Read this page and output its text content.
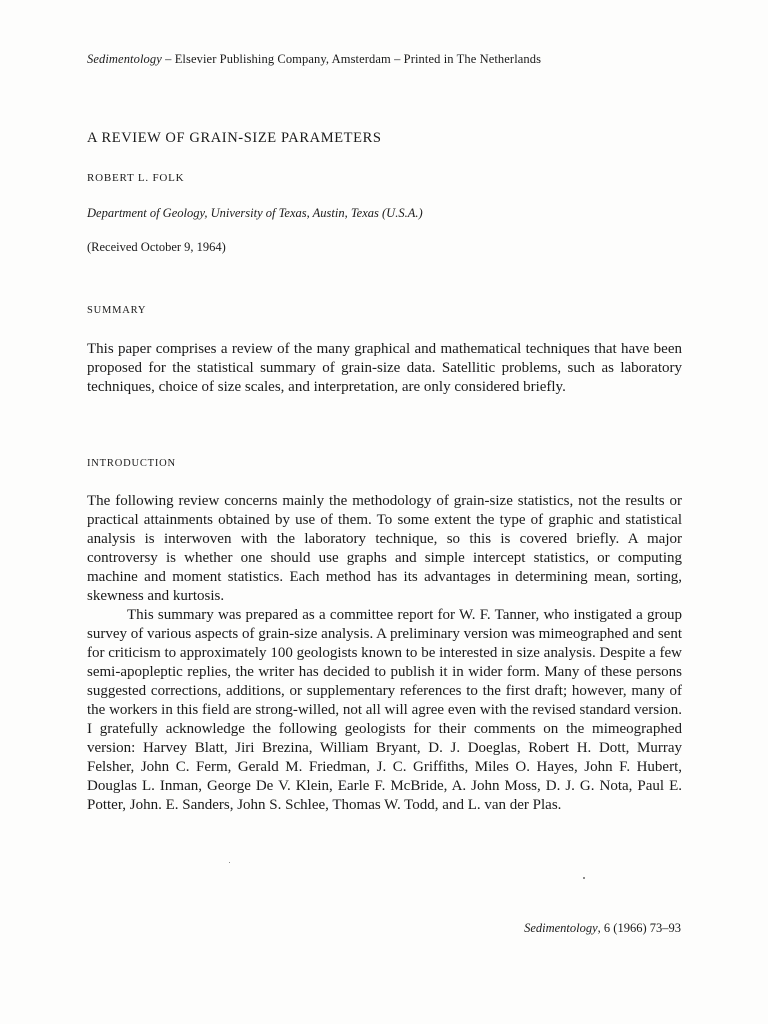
Sedimentology – Elsevier Publishing Company, Amsterdam – Printed in The Netherlands
A REVIEW OF GRAIN-SIZE PARAMETERS
ROBERT L. FOLK
Department of Geology, University of Texas, Austin, Texas (U.S.A.)
(Received October 9, 1964)
SUMMARY

This paper comprises a review of the many graphical and mathematical techniques that have been proposed for the statistical summary of grain-size data. Satellitic problems, such as laboratory techniques, choice of size scales, and interpretation, are only considered briefly.

INTRODUCTION

The following review concerns mainly the methodology of grain-size statistics, not the results or practical attainments obtained by use of them. To some extent the type of graphic and statistical analysis is interwoven with the laboratory technique, so this is covered briefly. A major controversy is whether one should use graphs and simple intercept statistics, or computing machine and moment statistics. Each method has its advantages in determining mean, sorting, skewness and kurtosis.

This summary was prepared as a committee report for W. F. Tanner, who instigated a group survey of various aspects of grain-size analysis. A preliminary version was mimeographed and sent for criticism to approximately 100 geologists known to be interested in size analysis. Despite a few semi-apopleptic replies, the writer has decided to publish it in wider form. Many of these persons suggested corrections, additions, or supplementary references to the first draft; however, many of the workers in this field are strong-willed, not all will agree even with the revised standard version. I gratefully acknowledge the following geologists for their comments on the mimeographed version: Harvey Blatt, Jiri Brezina, William Bryant, D. J. Doeglas, Robert H. Dott, Murray Felsher, John C. Ferm, Gerald M. Friedman, J. C. Griffiths, Miles O. Hayes, John F. Hubert, Douglas L. Inman, George De V. Klein, Earle F. McBride, A. John Moss, D. J. G. Nota, Paul E. Potter, John. E. Sanders, John S. Schlee, Thomas W. Todd, and L. van der Plas.

Sedimentology, 6 (1966) 73–93
